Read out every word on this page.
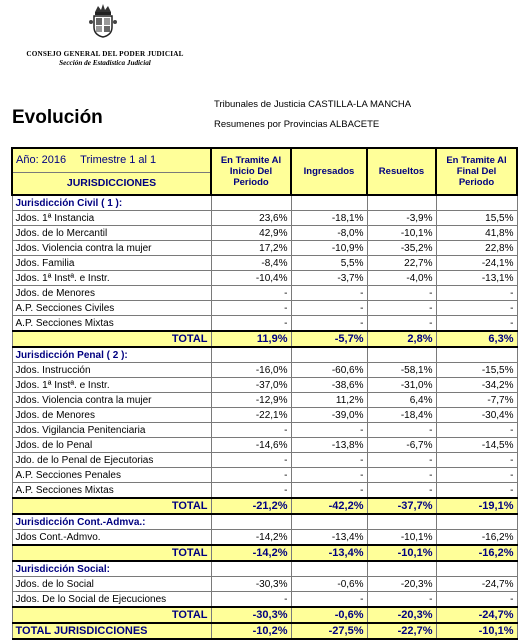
CONSEJO GENERAL DEL PODER JUDICIAL
Sección de Estadística Judicial
Evolución
Tribunales de Justicia CASTILLA-LA MANCHA
Resumenes por Provincias ALBACETE
Año: 2016 Trimestre 1 al 1	En Tramite Al Inicio Del Periodo	Ingresados	Resueltos	En Tramite Al Final Del Periodo
JURISDICCIONES				
Jurisdicción Civil ( 1 ):				
Jdos. 1ª Instancia	23,6%	-18,1%	-3,9%	15,5%
Jdos. de lo Mercantil	42,9%	-8,0%	-10,1%	41,8%
Jdos. Violencia contra la mujer	17,2%	-10,9%	-35,2%	22,8%
Jdos. Familia	-8,4%	5,5%	22,7%	-24,1%
Jdos. 1ª Instª. e Instr.	-10,4%	-3,7%	-4,0%	-13,1%
Jdos. de Menores	-	-	-	-
A.P. Secciones Civiles	-	-	-	-
A.P. Secciones Mixtas	-	-	-	-
TOTAL	11,9%	-5,7%	2,8%	6,3%
Jurisdicción Penal ( 2 ):				
Jdos. Instrucción	-16,0%	-60,6%	-58,1%	-15,5%
Jdos. 1ª Instª. e Instr.	-37,0%	-38,6%	-31,0%	-34,2%
Jdos. Violencia contra la mujer	-12,9%	11,2%	6,4%	-7,7%
Jdos. de Menores	-22,1%	-39,0%	-18,4%	-30,4%
Jdos. Vigilancia Penitenciaria	-	-	-	-
Jdos. de lo Penal	-14,6%	-13,8%	-6,7%	-14,5%
Jdo. de lo Penal de Ejecutorias	-	-	-	-
A.P. Secciones Penales	-	-	-	-
A.P. Secciones Mixtas	-	-	-	-
TOTAL	-21,2%	-42,2%	-37,7%	-19,1%
Jurisdicción Cont.-Admva.:				
Jdos Cont.-Admvo.	-14,2%	-13,4%	-10,1%	-16,2%
TOTAL	-14,2%	-13,4%	-10,1%	-16,2%
Jurisdicción Social:				
Jdos. de lo Social	-30,3%	-0,6%	-20,3%	-24,7%
Jdos. De lo Social de Ejecuciones	-	-	-	-
TOTAL	-30,3%	-0,6%	-20,3%	-24,7%
TOTAL JURISDICCIONES	-10,2%	-27,5%	-22,7%	-10,1%
